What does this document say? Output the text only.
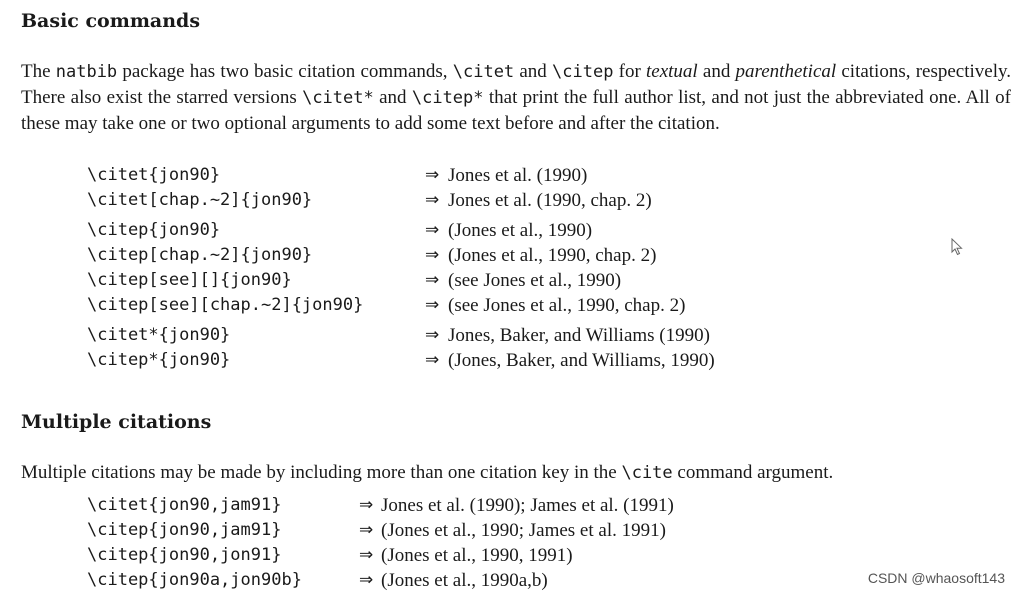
Basic commands
The natbib package has two basic citation commands, \citet and \citep for textual and parenthetical citations, respectively. There also exist the starred versions \citet* and \citep* that print the full author list, and not just the abbreviated one. All of these may take one or two optional arguments to add some text before and after the citation.
\citet{jon90}	⇒ Jones et al. (1990)
\citet[chap.~2]{jon90}	⇒ Jones et al. (1990, chap. 2)
\citep{jon90}	⇒ (Jones et al., 1990)
\citep[chap.~2]{jon90}	⇒ (Jones et al., 1990, chap. 2)
\citep[see][]{jon90}	⇒ (see Jones et al., 1990)
\citep[see][chap.~2]{jon90}	⇒ (see Jones et al., 1990, chap. 2)
\citet*{jon90}	⇒ Jones, Baker, and Williams (1990)
\citep*{jon90}	⇒ (Jones, Baker, and Williams, 1990)
Multiple citations
Multiple citations may be made by including more than one citation key in the \cite command argument.
\citet{jon90,jam91}	⇒ Jones et al. (1990); James et al. (1991)
\citep{jon90,jam91}	⇒ (Jones et al., 1990; James et al. 1991)
\citep{jon90,jon91}	⇒ (Jones et al., 1990, 1991)
\citep{jon90a,jon90b}	⇒ (Jones et al., 1990a,b)	CSDN @whaosoft143
